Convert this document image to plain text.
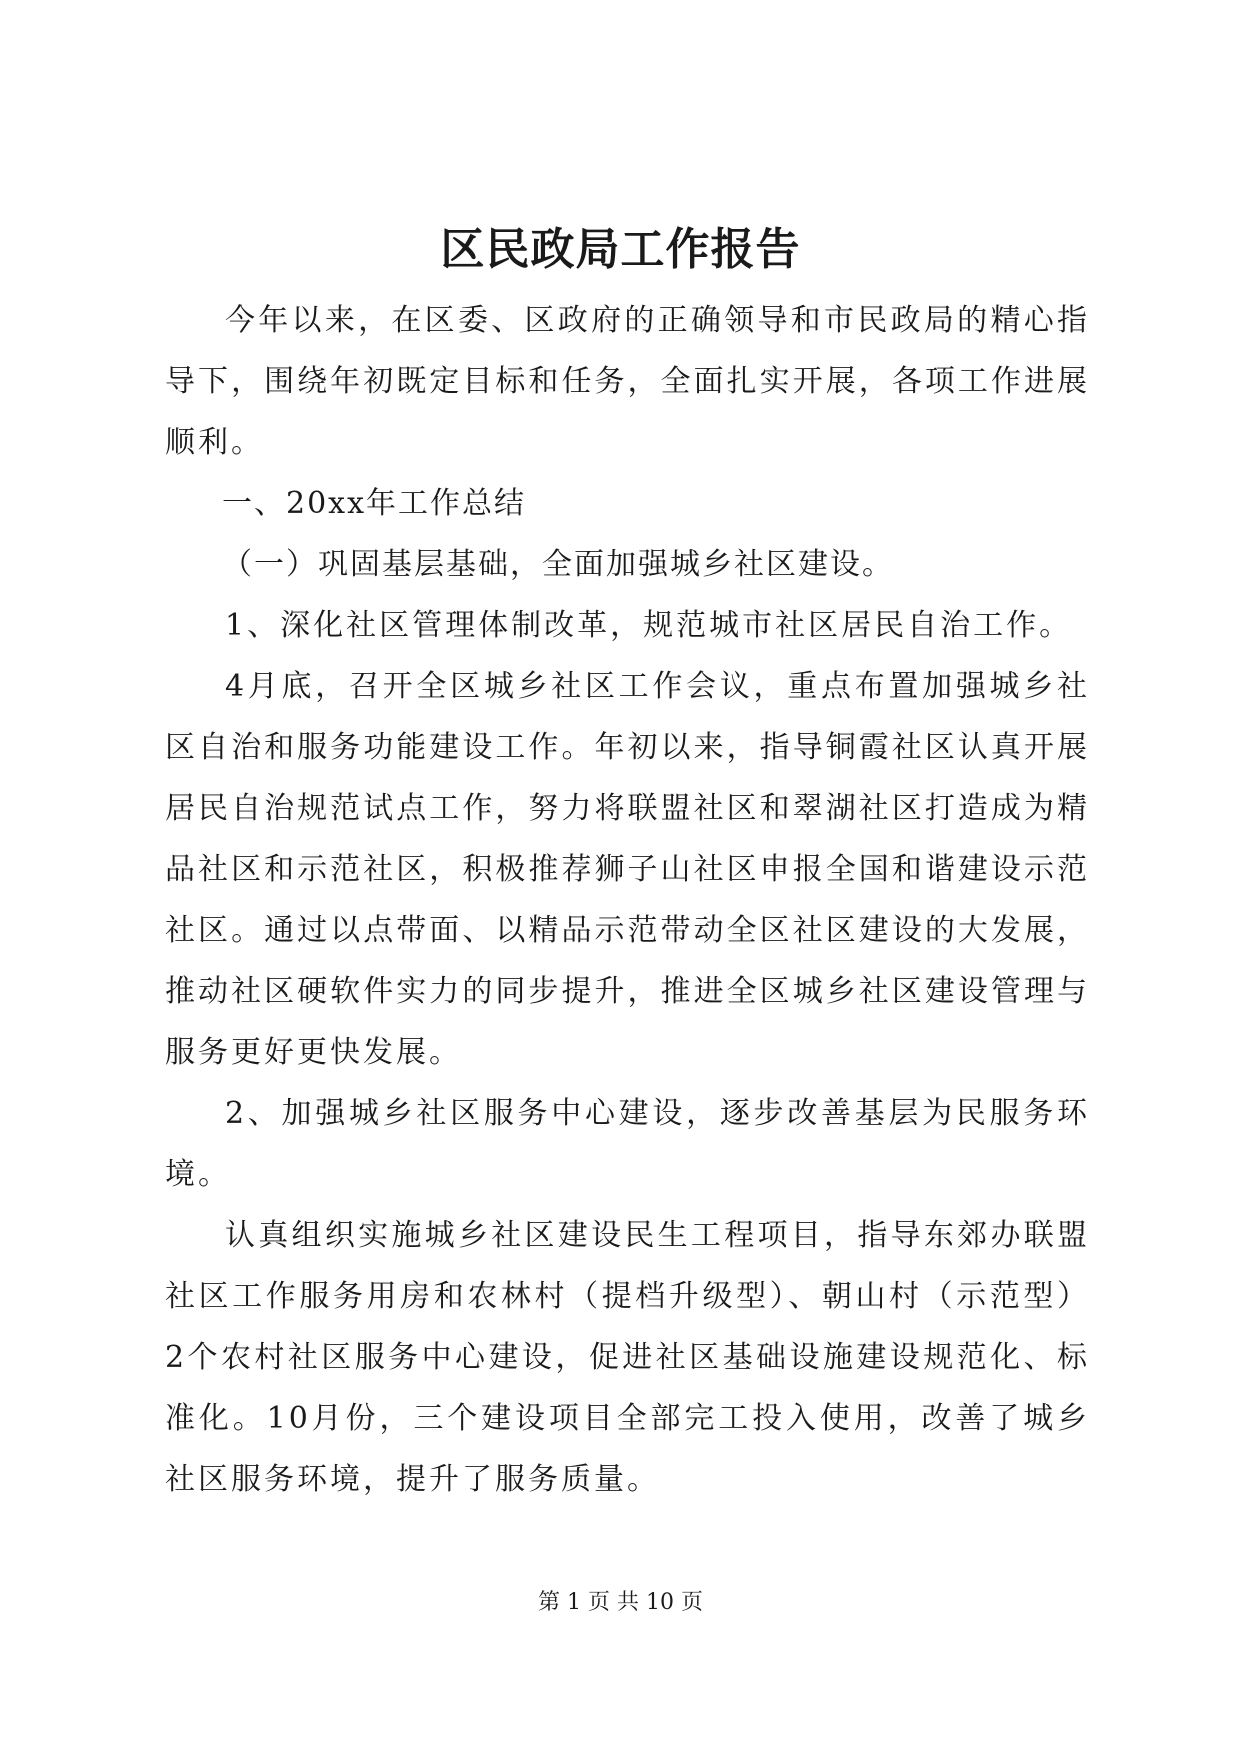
区民政局工作报告

今年以来，在区委、区政府的正确领导和市民政局的精心指导下，围绕年初既定目标和任务，全面扎实开展，各项工作进展顺利。

一、20xx年工作总结

（一）巩固基层基础，全面加强城乡社区建设。

1、深化社区管理体制改革，规范城市社区居民自治工作。

4月底，召开全区城乡社区工作会议，重点布置加强城乡社区自治和服务功能建设工作。年初以来，指导铜霞社区认真开展居民自治规范试点工作，努力将联盟社区和翠湖社区打造成为精品社区和示范社区，积极推荐狮子山社区申报全国和谐建设示范社区。通过以点带面、以精品示范带动全区社区建设的大发展，推动社区硬软件实力的同步提升，推进全区城乡社区建设管理与服务更好更快发展。

2、加强城乡社区服务中心建设，逐步改善基层为民服务环境。

认真组织实施城乡社区建设民生工程项目，指导东郊办联盟社区工作服务用房和农林村（提档升级型）、朝山村（示范型）2个农村社区服务中心建设，促进社区基础设施建设规范化、标准化。10月份，三个建设项目全部完工投入使用，改善了城乡社区服务环境，提升了服务质量。

第 1 页 共 10 页
